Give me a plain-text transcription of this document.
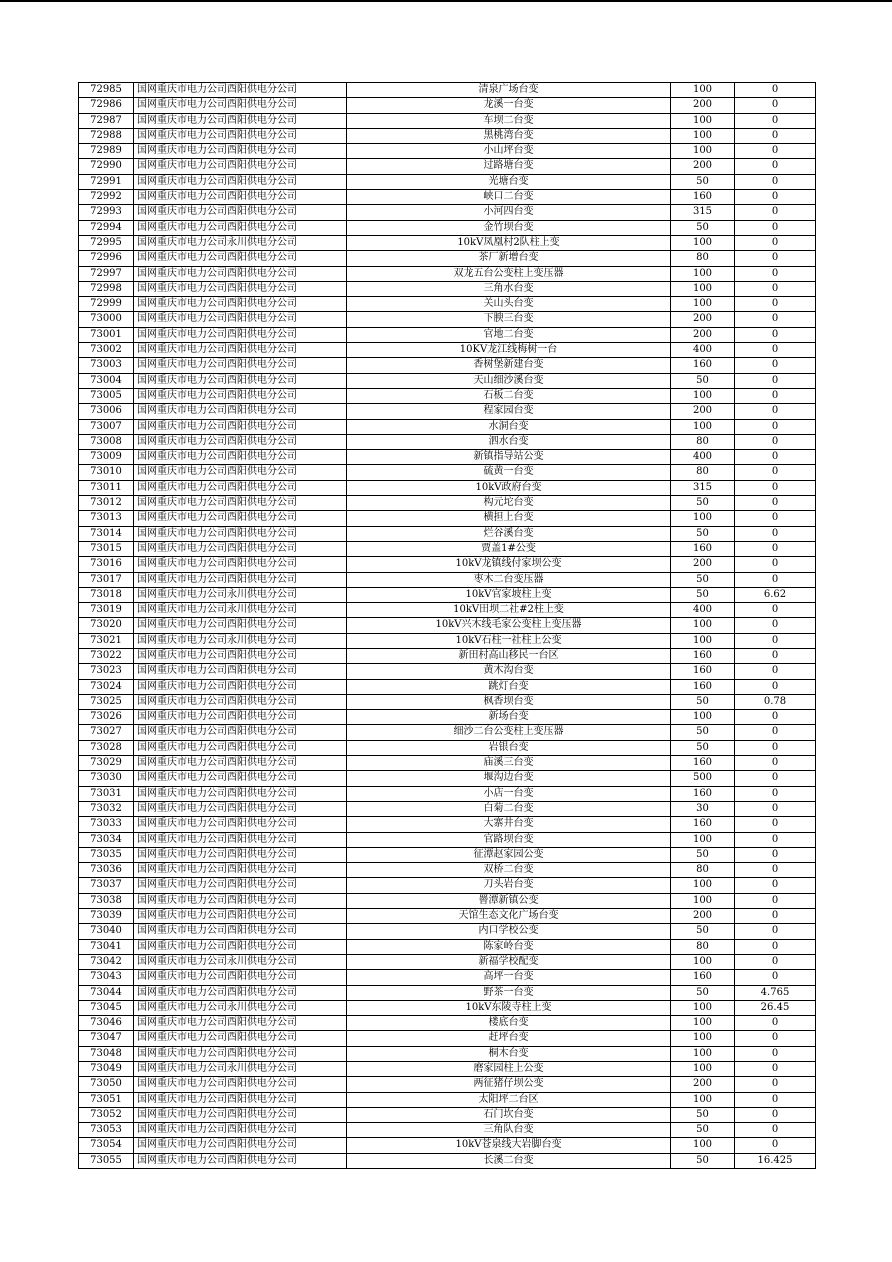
72985	国网重庆市电力公司酉阳供电分公司	清泉广场台变	100	0
72986	国网重庆市电力公司酉阳供电分公司	龙溪一台变	200	0
72987	国网重庆市电力公司酉阳供电分公司	车坝二台变	100	0
72988	国网重庆市电力公司酉阳供电分公司	黑桃湾台变	100	0
72989	国网重庆市电力公司酉阳供电分公司	小山坪台变	100	0
72990	国网重庆市电力公司酉阳供电分公司	过路塘台变	200	0
72991	国网重庆市电力公司酉阳供电分公司	光塘台变	50	0
72992	国网重庆市电力公司酉阳供电分公司	峡口二台变	160	0
72993	国网重庆市电力公司酉阳供电分公司	小河四台变	315	0
72994	国网重庆市电力公司酉阳供电分公司	金竹坝台变	50	0
72995	国网重庆市电力公司永川供电分公司	10kV凤凰村2队柱上变	100	0
72996	国网重庆市电力公司酉阳供电分公司	茶厂新增台变	80	0
72997	国网重庆市电力公司酉阳供电分公司	双龙五台公变柱上变压器	100	0
72998	国网重庆市电力公司酉阳供电分公司	三角水台变	100	0
72999	国网重庆市电力公司酉阳供电分公司	关山头台变	100	0
73000	国网重庆市电力公司酉阳供电分公司	下腴三台变	200	0
73001	国网重庆市电力公司酉阳供电分公司	官地二台变	200	0
73002	国网重庆市电力公司酉阳供电分公司	10KV龙江线梅树一台	400	0
73003	国网重庆市电力公司酉阳供电分公司	香树堡新建台变	160	0
73004	国网重庆市电力公司酉阳供电分公司	天山细沙溪台变	50	0
73005	国网重庆市电力公司酉阳供电分公司	石板二台变	100	0
73006	国网重庆市电力公司酉阳供电分公司	程家园台变	200	0
73007	国网重庆市电力公司酉阳供电分公司	水洞台变	100	0
73008	国网重庆市电力公司酉阳供电分公司	泗水台变	80	0
73009	国网重庆市电力公司酉阳供电分公司	新镇指导站公变	400	0
73010	国网重庆市电力公司酉阳供电分公司	硫黄一台变	80	0
73011	国网重庆市电力公司酉阳供电分公司	10kV政府台变	315	0
73012	国网重庆市电力公司酉阳供电分公司	构元坨台变	50	0
73013	国网重庆市电力公司酉阳供电分公司	横担上台变	100	0
73014	国网重庆市电力公司酉阳供电分公司	烂谷溪台变	50	0
73015	国网重庆市电力公司酉阳供电分公司	贾盖1#公变	160	0
73016	国网重庆市电力公司酉阳供电分公司	10kV龙镇线付家坝公变	200	0
73017	国网重庆市电力公司酉阳供电分公司	枣木二台变压器	50	0
73018	国网重庆市电力公司永川供电分公司	10kV官家坡柱上变	50	6.62
73019	国网重庆市电力公司永川供电分公司	10kV田坝二社#2柱上变	400	0
73020	国网重庆市电力公司酉阳供电分公司	10kV兴木线毛家公变柱上变压器	100	0
73021	国网重庆市电力公司永川供电分公司	10kV石柱一社柱上公变	100	0
73022	国网重庆市电力公司酉阳供电分公司	新田村高山移民一台区	160	0
73023	国网重庆市电力公司酉阳供电分公司	黄木沟台变	160	0
73024	国网重庆市电力公司酉阳供电分公司	跳灯台变	160	0
73025	国网重庆市电力公司酉阳供电分公司	枫香坝台变	50	0.78
73026	国网重庆市电力公司酉阳供电分公司	新场台变	100	0
73027	国网重庆市电力公司酉阳供电分公司	细沙二台公变柱上变压器	50	0
73028	国网重庆市电力公司酉阳供电分公司	岩银台变	50	0
73029	国网重庆市电力公司酉阳供电分公司	庙溪三台变	160	0
73030	国网重庆市电力公司酉阳供电分公司	堰沟边台变	500	0
73031	国网重庆市电力公司酉阳供电分公司	小店一台变	160	0
73032	国网重庆市电力公司酉阳供电分公司	白菊二台变	30	0
73033	国网重庆市电力公司酉阳供电分公司	大寨井台变	160	0
73034	国网重庆市电力公司酉阳供电分公司	官路坝台变	100	0
73035	国网重庆市电力公司酉阳供电分公司	征潭赵家园公变	50	0
73036	国网重庆市电力公司酉阳供电分公司	双桥二台变	80	0
73037	国网重庆市电力公司酉阳供电分公司	刀头岩台变	100	0
73038	国网重庆市电力公司酉阳供电分公司	罾潭新镇公变	100	0
73039	国网重庆市电力公司酉阳供电分公司	天馆生态文化广场台变	200	0
73040	国网重庆市电力公司酉阳供电分公司	内口学校公变	50	0
73041	国网重庆市电力公司酉阳供电分公司	陈家岭台变	80	0
73042	国网重庆市电力公司永川供电分公司	新福学校配变	100	0
73043	国网重庆市电力公司酉阳供电分公司	高坪一台变	160	0
73044	国网重庆市电力公司酉阳供电分公司	野茶一台变	50	4.765
73045	国网重庆市电力公司永川供电分公司	10kV东陵寺柱上变	100	26.45
73046	国网重庆市电力公司酉阳供电分公司	楼底台变	100	0
73047	国网重庆市电力公司酉阳供电分公司	赶坪台变	100	0
73048	国网重庆市电力公司酉阳供电分公司	桐木台变	100	0
73049	国网重庆市电力公司永川供电分公司	磨家园柱上公变	100	0
73050	国网重庆市电力公司酉阳供电分公司	两征猪仔坝公变	200	0
73051	国网重庆市电力公司酉阳供电分公司	太阳坪二台区	100	0
73052	国网重庆市电力公司酉阳供电分公司	石门坎台变	50	0
73053	国网重庆市电力公司酉阳供电分公司	三角队台变	50	0
73054	国网重庆市电力公司酉阳供电分公司	10kV苍泉线大岩脚台变	100	0
73055	国网重庆市电力公司酉阳供电分公司	长溪二台变	50	16.425
